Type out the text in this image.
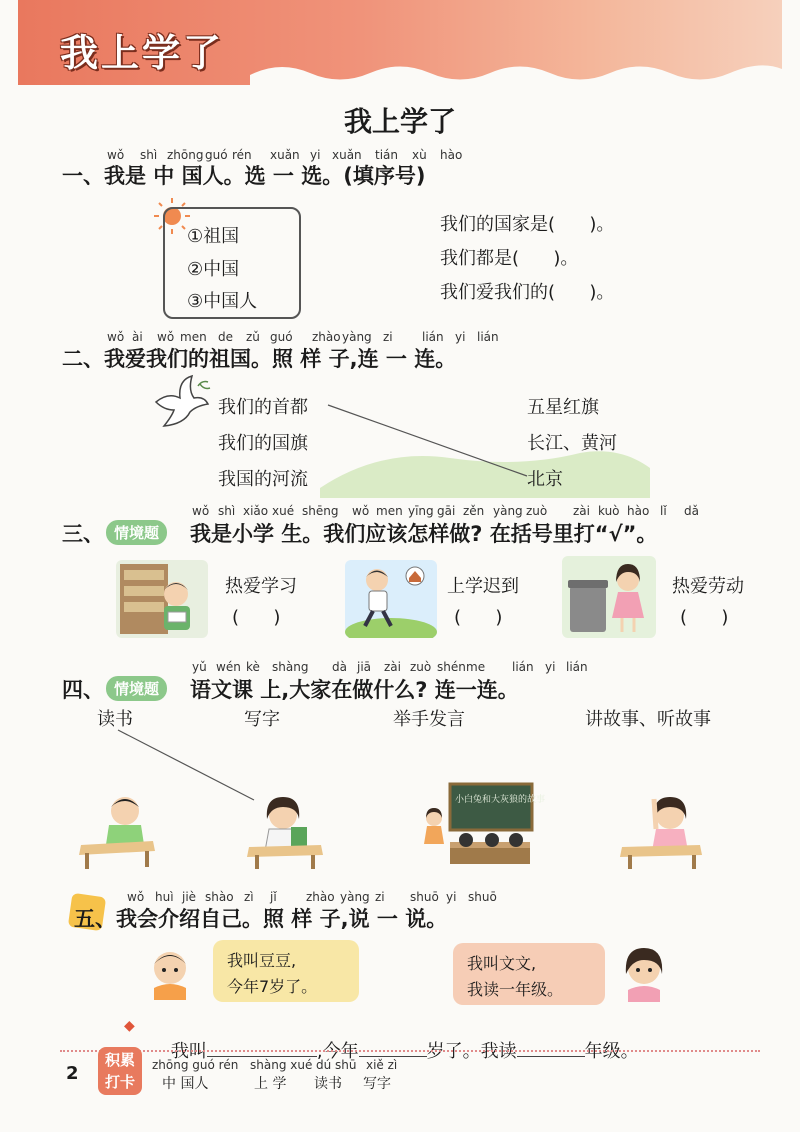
我上学了
我上学了
wǒ shì zhōng guó rén xuǎn yi xuǎn tián xù hào
一、我是 中 国人。选 一 选。(填序号)
①祖国
②中国
③中国人
我们的国家是(      )。
我们都是(      )。
我们爱我们的(      )。
wǒ ài wǒ men de zǔ guó zhào yàng zi lián yi lián
二、我爱我们的祖国。照 样 子,连 一 连。
我们的首都
我们的国旗
我国的河流
五星红旗
长江、黄河
北京
wǒ shì xiǎo xué shēng wǒ men yīng gāi zěn yàng zuò zài kuò hào lǐ dǎ
三、 情境题	我是小学 生。我们应该怎样做? 在括号里打“√”。
热爱学习
(      )
上学迟到
(      )
热爱劳动
(      )
yǔ wén kè shàng dà jiā zài zuò shén me lián yi lián
四、 情境题	语文课 上,大家在做什么? 连一连。
读书	写字	举手发言	讲故事、听故事
小白兔和大灰狼的故事
wǒ huì jiè shào zì jǐ zhào yàng zi shuō yi shuō
五、我会介绍自己。照 样 子,说 一 说。
我叫豆豆,
今年7岁了。
我叫文文,
我读一年级。
◆

我叫	,今年	岁了。我读	年级。

2
积累
打卡
zhōng guó rén shàng xué dú shū xiě zì
中 国人	上 学 读书 写字
